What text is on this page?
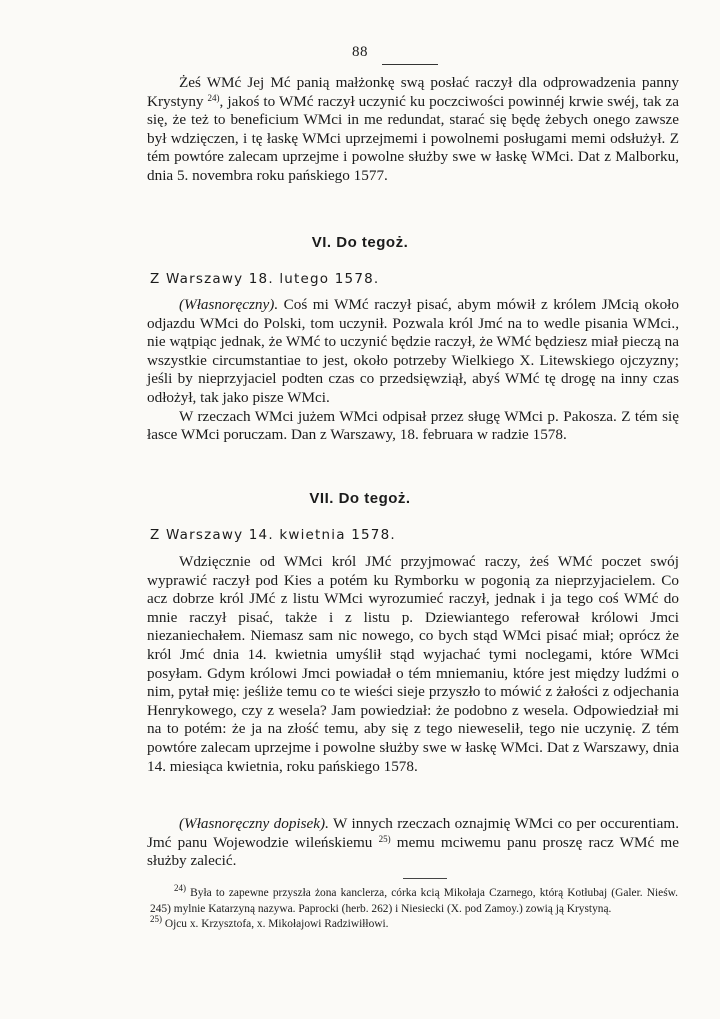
88
Żeś WMć Jej Mć panią małżonkę swą posłać raczył dla odprowadzenia panny Krystyny $^{24)}$, jakoś to WMć raczył uczynić ku poczciwości powinnéj krwie swéj, tak za się, że też to beneficium WMci in me redundat, starać się będę żebych onego zawsze był wdzięczen, i tę łaskę WMci uprzejmemi i powolnemi posługami memi odsłużył. Z tém powtóre zalecam uprzejme i powolne służby swe w łaskę WMci. Dat z Malborku, dnia 5. novembra roku pańskiego 1577.
VI. Do tegoż.
Z Warszawy 18. lutego 1578.
(Własnoręczny). Coś mi WMć raczył pisać, abym mówił z królem JMcią około odjazdu WMci do Polski, tom uczynił. Pozwala król Jmć na to wedle pisania WMci., nie wątpiąc jednak, że WMć to uczynić będzie raczył, że WMć będziesz miał pieczą na wszystkie circumstantiae to jest, około potrzeby Wielkiego X. Litewskiego ojczyzny; jeśli by nieprzyjaciel podten czas co przedsięwziął, abyś WMć tę drogę na inny czas odłożył, tak jako pisze WMci.

W rzeczach WMci jużem WMci odpisał przez sługę WMci p. Pakosza. Z tém się łasce WMci poruczam. Dan z Warszawy, 18. februara w radzie 1578.

VII. Do tegoż.
Z Warszawy 14. kwietnia 1578.
Wdzięcznie od WMci król JMć przyjmować raczy, żeś WMć poczet swój wyprawić raczył pod Kies a potém ku Rymborku w pogonią za nieprzyjacielem. Co acz dobrze król JMć z listu WMci wyrozumieć raczył, jednak i ja tego coś WMć do mnie raczył pisać, także i z listu p. Dziewiantego referował królowi Jmci niezaniechałem. Niemasz sam nic nowego, co bych stąd WMci pisać miał; oprócz że król Jmć dnia 14. kwietnia umyślił stąd wyjachać tymi noclegami, które WMci posyłam. Gdym królowi Jmci powiadał o tém mniemaniu, które jest między ludźmi o nim, pytał mię: jeśliże temu co te wieści sieje przyszło to mówić z żałości z odjechania Henrykowego, czy z wesela? Jam powiedział: że podobno z wesela. Odpowiedział mi na to potém: że ja na złość temu, aby się z tego nieweselił, tego nie uczynię. Z tém powtóre zalecam uprzejme i powolne służby swe w łaskę WMci. Dat z Warszawy, dnia 14. miesiąca kwietnia, roku pańskiego 1578.
(Własnoręczny dopisek). W innych rzeczach oznajmię WMci co per occurentiam. Jmć panu Wojewodzie wileńskiemu $^{25)}$ memu mciwemu panu proszę racz WMć me służby zalecić.

$^{24)}$ Była to zapewne przyszła żona kanclerza, córka kcią Mikołaja Czarnego, którą Kotłubaj (Galer. Nieśw. 245) mylnie Katarzyną nazywa. Paprocki (herb. 262) i Niesiecki (X. pod Zamoy.) zowią ją Krystyną.

$^{25)}$ Ojcu x. Krzysztofa, x. Mikołajowi Radziwiłłowi.
